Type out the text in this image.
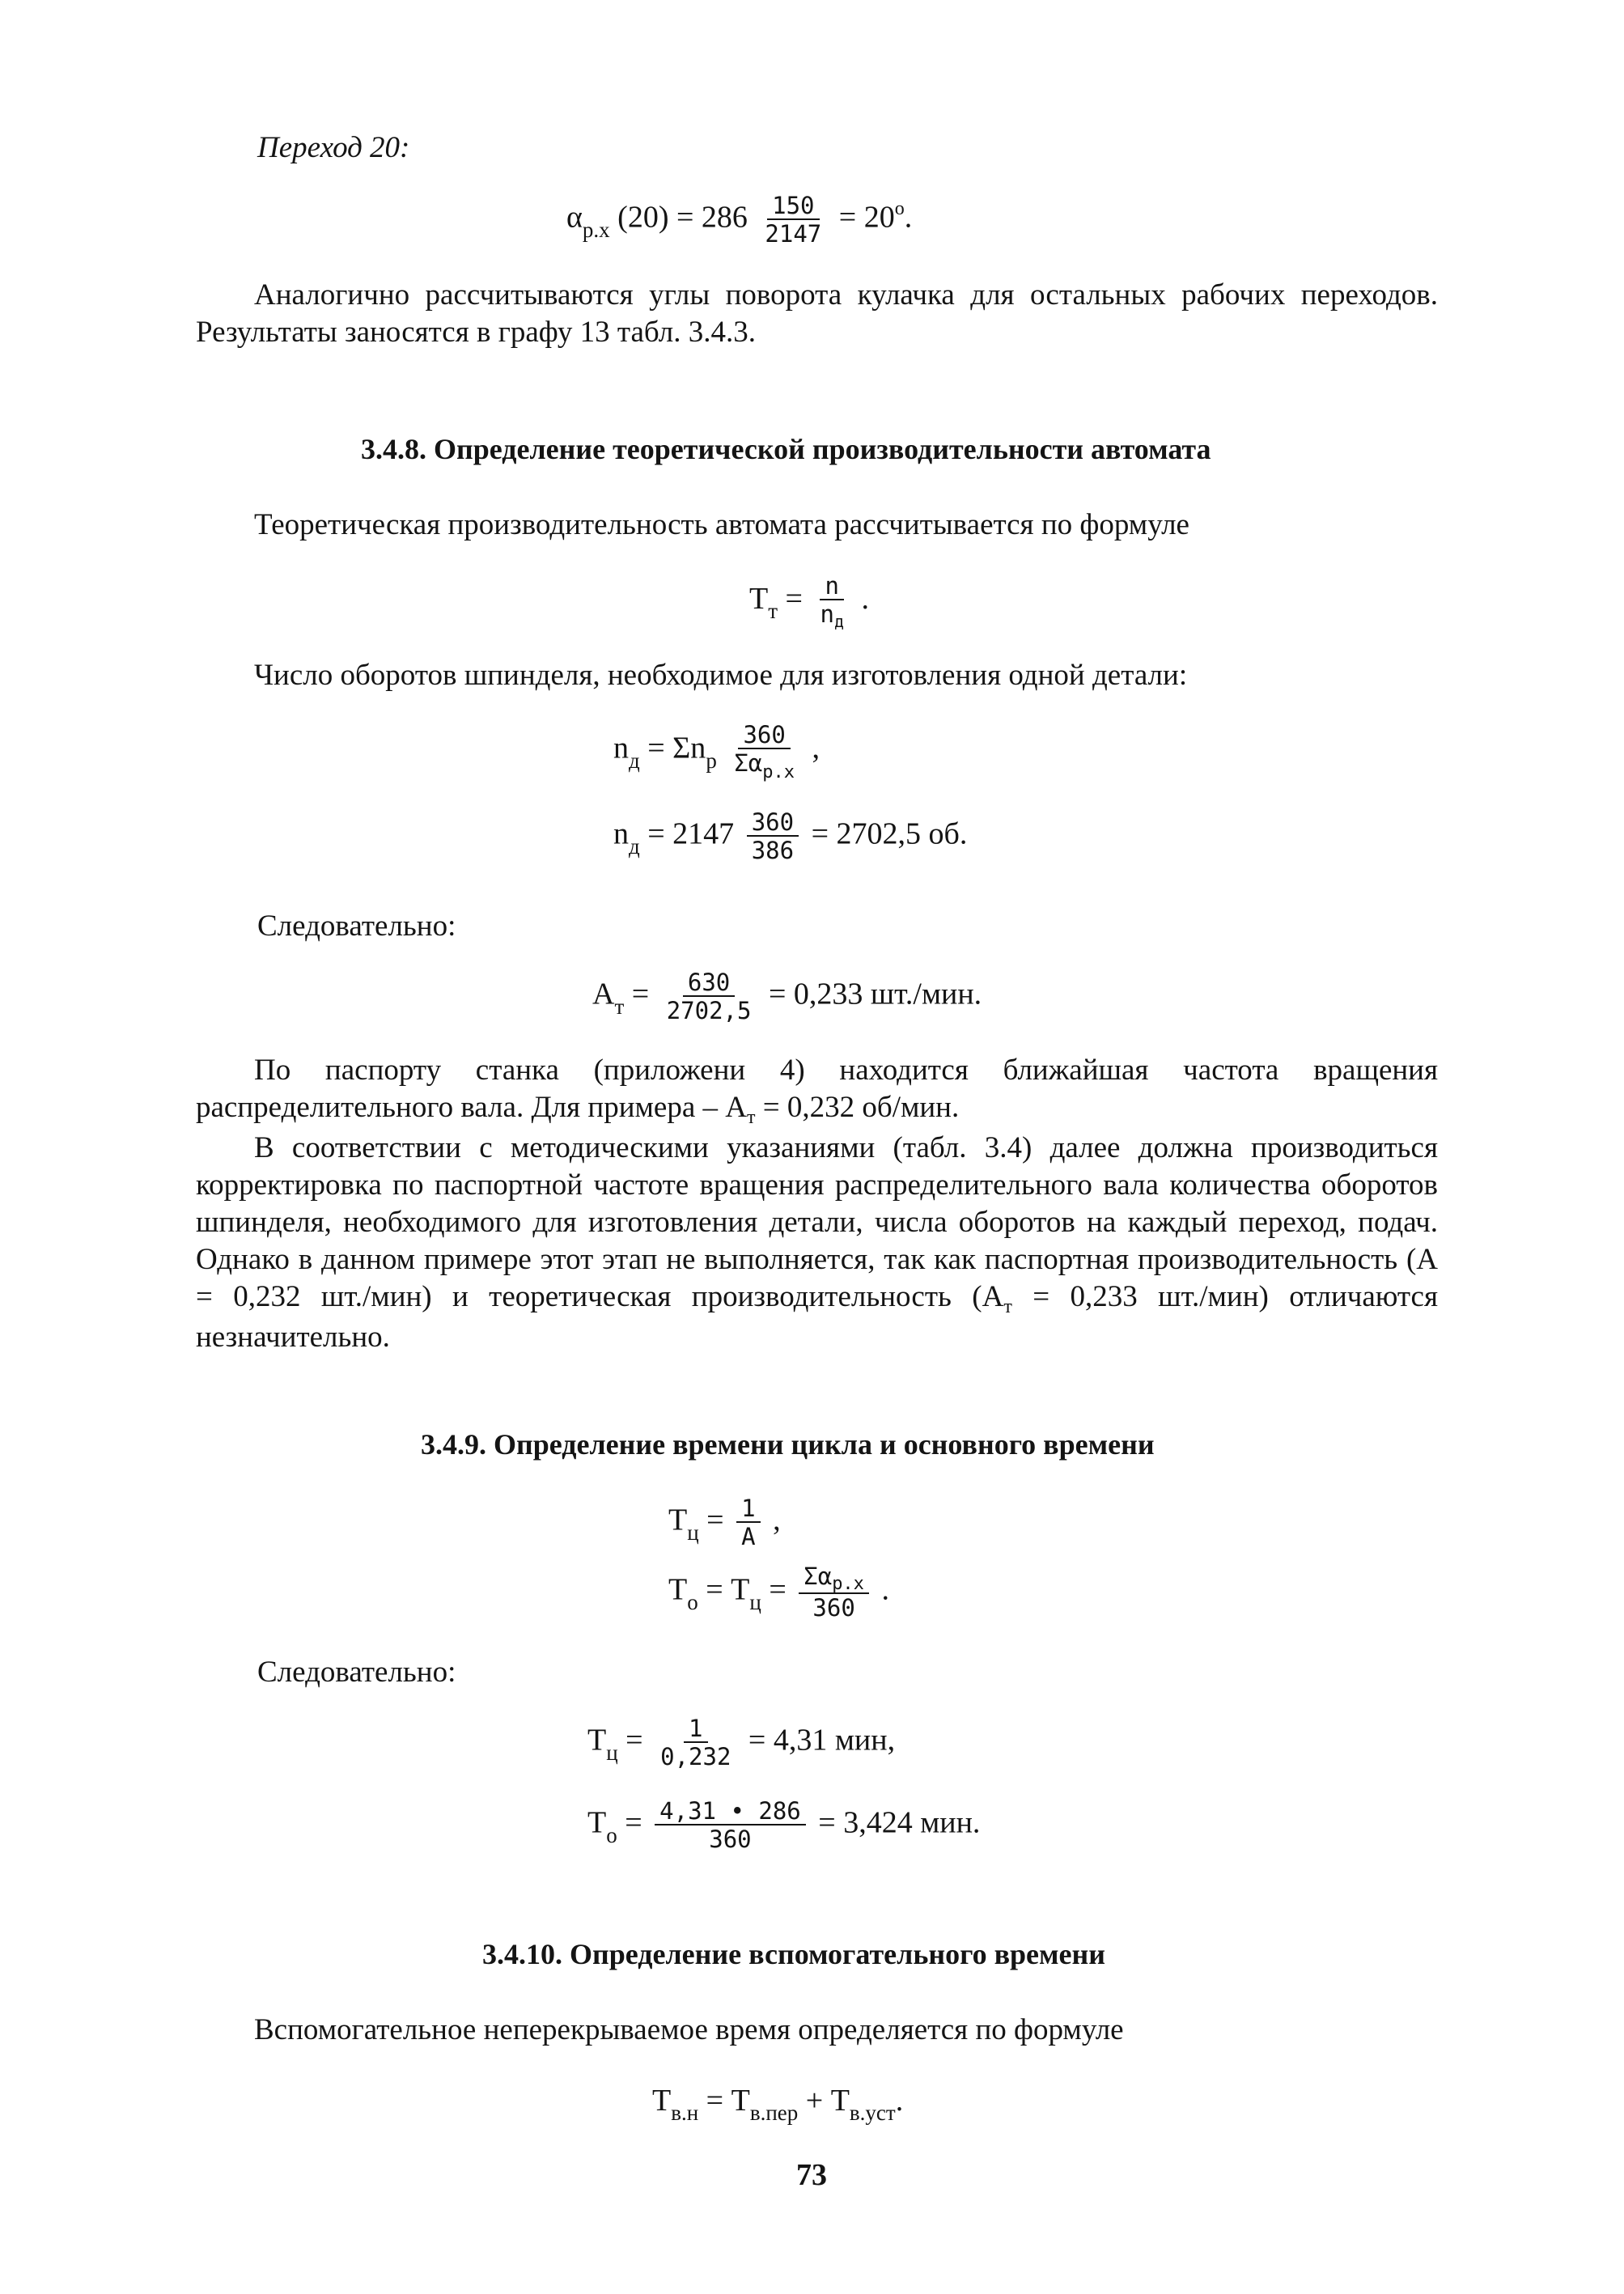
Переход 20:
$\alpha_{р.х}$ $(20) = 286 \frac{150}{2147} = 20^о$.

Аналогично рассчитываются углы поворота кулачка для остальных рабочих переходов. Результаты заносятся в графу 13 табл. 3.4.3.

3.4.8. Определение теоретической производительности автомата

Теоретическая производительность автомата рассчитывается по формуле

$Т_т = \frac{n}{n_д}$ .

Число оборотов шпинделя, необходимое для изготовления одной детали:

$n_д = \Sigma n_р \frac{360}{\Sigma\alpha_{р.х}}$ ,
$n_д = 2147 \frac{360}{386} = 2702,5$ об.
Следовательно:
$А_т = \frac{630}{2702,5} = 0,233$ шт./мин.

По паспорту станка (приложени 4) находится ближайшая частота вращения распределительного вала. Для примера – $А_т = 0,232$ об/мин.

В соответствии с методическими указаниями (табл. 3.4) далее должна производиться корректировка по паспортной частоте вращения распределительного вала количества оборотов шпинделя, необходимого для изготовления детали, числа оборотов на каждый переход, подач. Однако в данном примере этот этап не выполняется, так как паспортная производительность (А = 0,232 шт./мин) и теоретическая производительность ($А_т = 0,233$ шт./мин) отличаются незначительно.

3.4.9. Определение времени цикла и основного времени
$Т_ц = \frac{1}{А}$ ,
$Т_о = Т_ц = \frac{\Sigma\alpha_{р.х}}{360}$ .
Следовательно:
$Т_ц = \frac{1}{0,232} = 4,31$ мин,
$Т_о = \frac{4,31 • 286}{360} = 3,424$ мин.
3.4.10. Определение вспомогательного времени

Вспомогательное неперекрываемое время определяется по формуле

$Т_{в.н} = Т_{в.пер} + Т_{в.уст}$.
73
